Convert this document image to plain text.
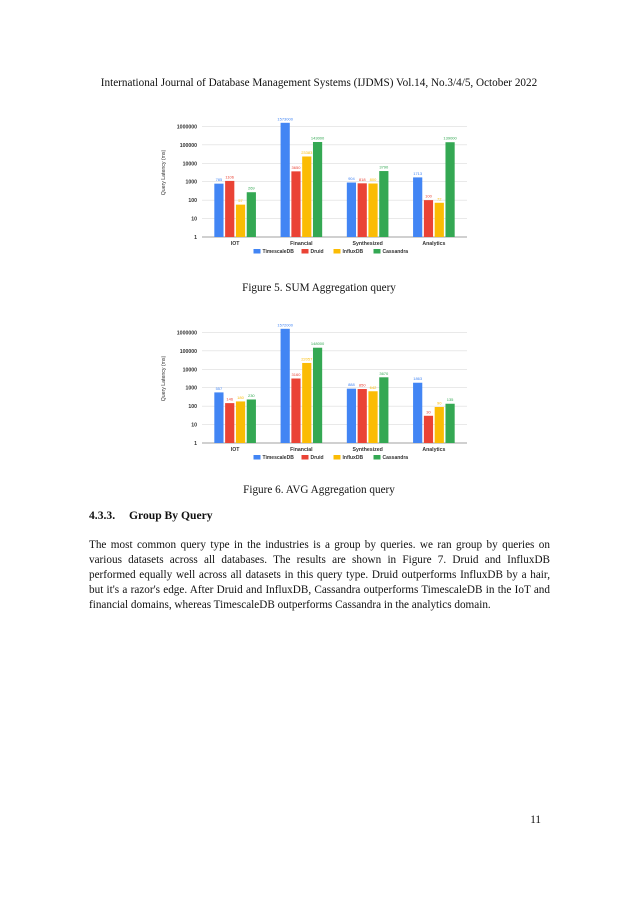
International Journal of Database Management Systems (IJDMS) Vol.14, No.3/4/5, October 2022
1
10
100
1000
10000
100000
1000000
Query Latency (ms)	785
1106
57
269
IOT
1573000
3650
23383
143000
Financial
904 818 800
3790
Synthesized
1713
100
72
139000
Analytics
TimescaleDB	Druid	InfluxDB	Cassandra
Figure 5. SUM Aggregation query
1
10
100
1000
10000
100000
1000000
Query Latency (ms)	557
146 180 230
IOT
1572000
3160
22057
148000
Financial
888 850 642
3670
Synthesized
1863
30
90
135
Analytics
TimescaleDB	Druid	InfluxDB	Cassandra
Figure 6. AVG Aggregation query
4.3.3. Group By Query

The most common query type in the industries is a group by queries. we ran group by queries on various datasets across all databases. The results are shown in Figure 7. Druid and InfluxDB performed equally well across all datasets in this query type. Druid outperforms InfluxDB by a hair, but it's a razor's edge. After Druid and InfluxDB, Cassandra outperforms TimescaleDB in the IoT and financial domains, whereas TimescaleDB outperforms Cassandra in the analytics domain.

11
